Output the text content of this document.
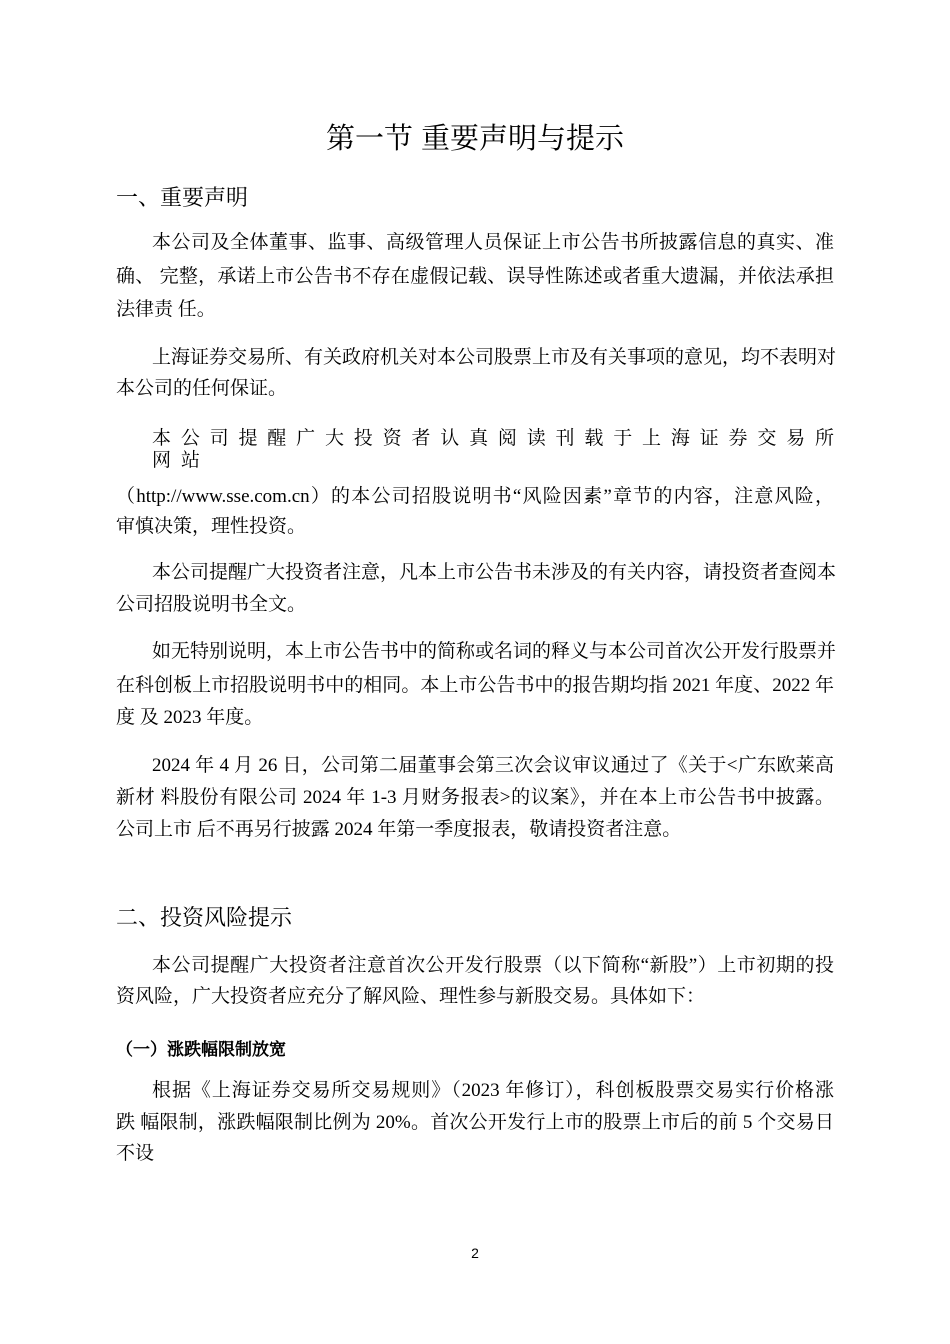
第一节 重要声明与提示
一、重要声明
本公司及全体董事、监事、高级管理人员保证上市公告书所披露信息的真实、准
确、 完整，承诺上市公告书不存在虚假记载、误导性陈述或者重大遗漏，并依法承担
法律责 任。
上海证券交易所、有关政府机关对本公司股票上市及有关事项的意见，均不表明对
本公司的任何保证。
本公司提醒广大投资者认真阅读刊载于上海证券交易所
网站
（http://www.sse.com.cn）的本公司招股说明书“风险因素”章节的内容，注意风险，
审慎决策，理性投资。
本公司提醒广大投资者注意，凡本上市公告书未涉及的有关内容，请投资者查阅本
公司招股说明书全文。
如无特别说明，本上市公告书中的简称或名词的释义与本公司首次公开发行股票并
在科创板上市招股说明书中的相同。本上市公告书中的报告期均指 2021 年度、2022 年
度 及 2023 年度。
2024 年 4 月 26 日，公司第二届董事会第三次会议审议通过了《关于<广东欧莱高
新材 料股份有限公司 2024 年 1-3 月财务报表>的议案》，并在本上市公告书中披露。
公司上市 后不再另行披露 2024 年第一季度报表，敬请投资者注意。
二、投资风险提示
本公司提醒广大投资者注意首次公开发行股票（以下简称“新股”）上市初期的投
资风险，广大投资者应充分了解风险、理性参与新股交易。具体如下：
（一）涨跌幅限制放宽
根据《上海证券交易所交易规则》（2023 年修订），科创板股票交易实行价格涨
跌 幅限制，涨跌幅限制比例为 20%。首次公开发行上市的股票上市后的前 5 个交易日
不设
2
